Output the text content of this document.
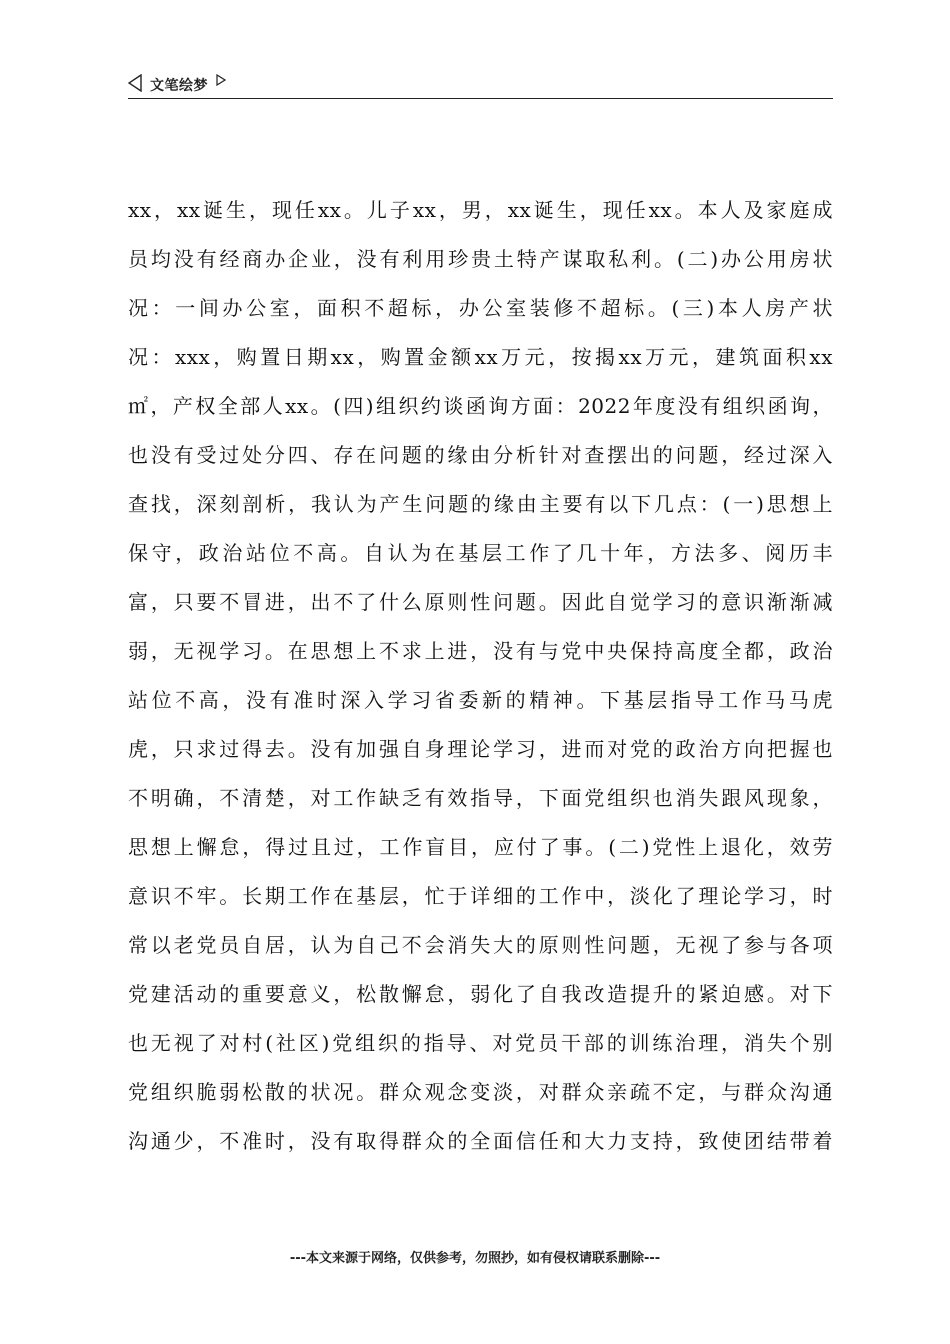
文笔绘梦
xx，xx诞生，现任xx。儿子xx，男，xx诞生，现任xx。本人及家庭成
员均没有经商办企业，没有利用珍贵土特产谋取私利。(二)办公用房状
况：一间办公室，面积不超标，办公室装修不超标。(三)本人房产状
况：xxx，购置日期xx，购置金额xx万元，按揭xx万元，建筑面积xx
㎡，产权全部人xx。(四)组织约谈函询方面：2022年度没有组织函询，
也没有受过处分四、存在问题的缘由分析针对查摆出的问题，经过深入
查找，深刻剖析，我认为产生问题的缘由主要有以下几点：(一)思想上
保守，政治站位不高。自认为在基层工作了几十年，方法多、阅历丰
富，只要不冒进，出不了什么原则性问题。因此自觉学习的意识渐渐减
弱，无视学习。在思想上不求上进，没有与党中央保持高度全都，政治
站位不高，没有准时深入学习省委新的精神。下基层指导工作马马虎
虎，只求过得去。没有加强自身理论学习，进而对党的政治方向把握也
不明确，不清楚，对工作缺乏有效指导，下面党组织也消失跟风现象，
思想上懈怠，得过且过，工作盲目，应付了事。(二)党性上退化，效劳
意识不牢。长期工作在基层，忙于详细的工作中，淡化了理论学习，时
常以老党员自居，认为自己不会消失大的原则性问题，无视了参与各项
党建活动的重要意义，松散懈怠，弱化了自我改造提升的紧迫感。对下
也无视了对村(社区)党组织的指导、对党员干部的训练治理，消失个别
党组织脆弱松散的状况。群众观念变淡，对群众亲疏不定，与群众沟通
沟通少，不准时，没有取得群众的全面信任和大力支持，致使团结带着
---本文来源于网络，仅供参考，勿照抄，如有侵权请联系删除---
